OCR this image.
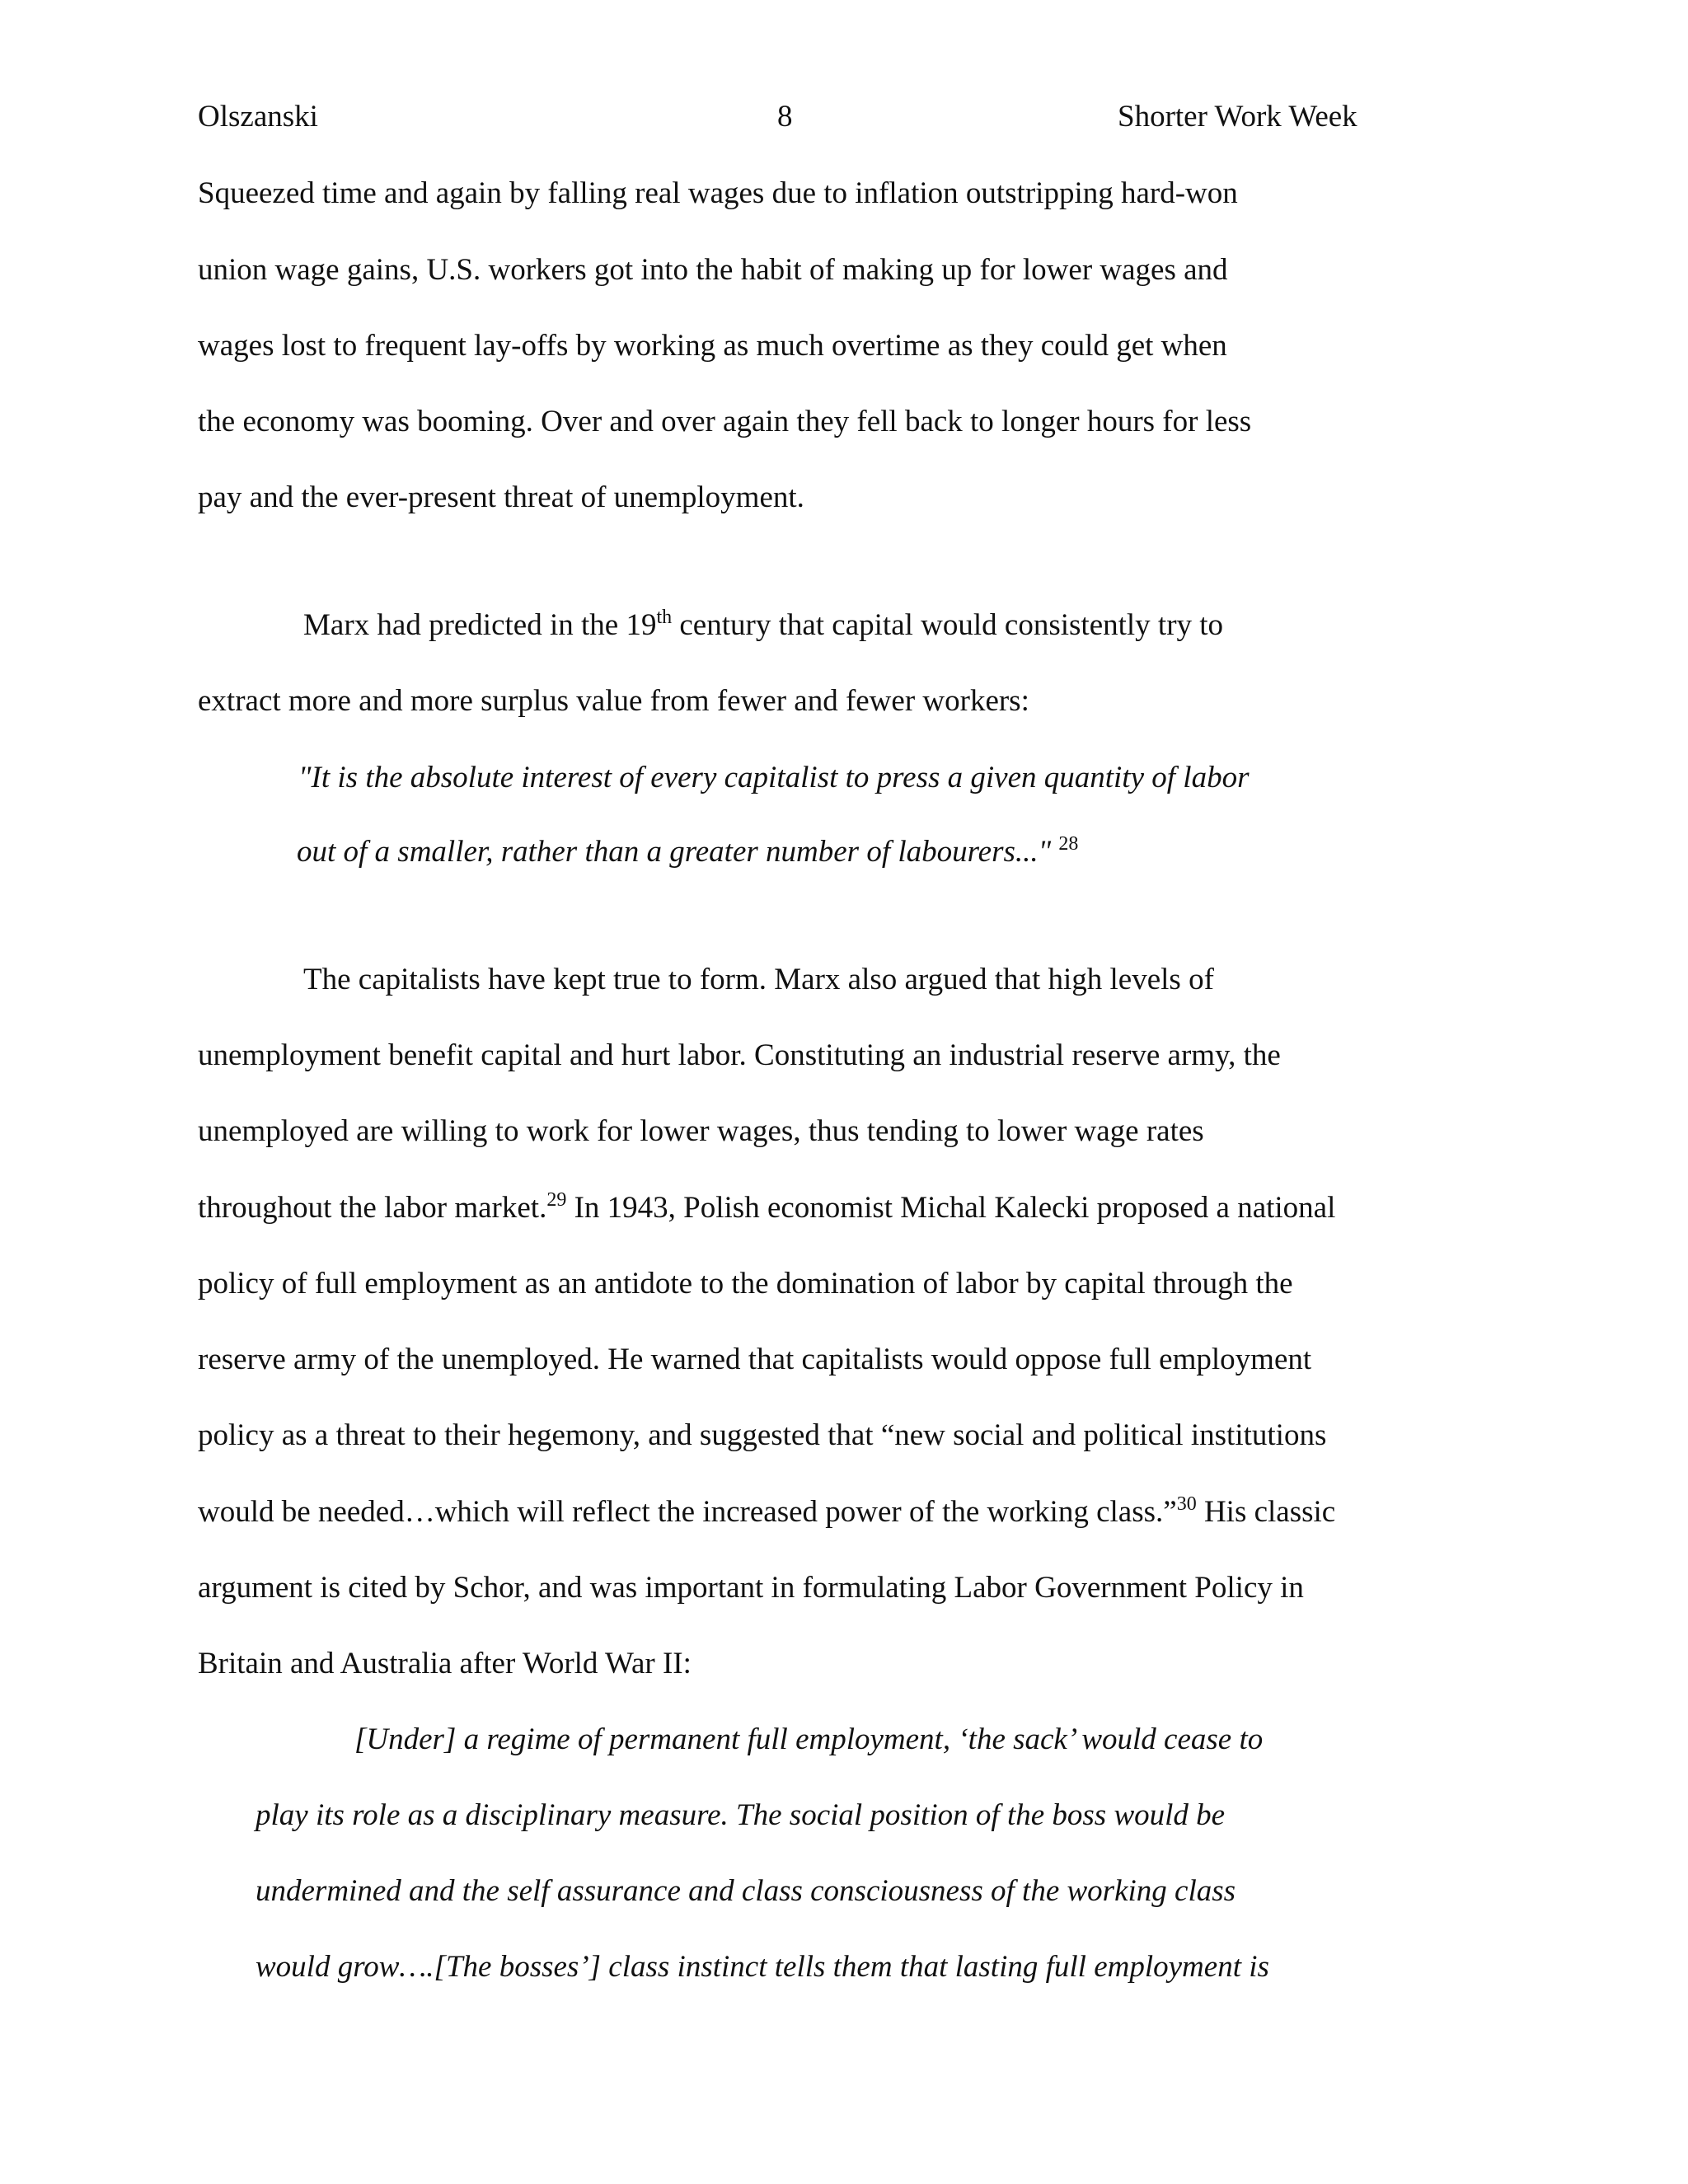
Olszanski	8	Shorter Work Week
Squeezed time and again by falling real wages due to inflation outstripping hard-won
union wage gains, U.S. workers got into the habit of making up for lower wages and
wages lost to frequent lay-offs by working as much overtime as they could get when
the economy was booming. Over and over again they fell back to longer hours for less
pay and the ever-present threat of unemployment.
Marx had predicted in the 19th century that capital would consistently try to
extract more and more surplus value from fewer and fewer workers:
"It is the absolute interest of every capitalist to press a given quantity of labor
out of a smaller, rather than a greater number of labourers..." $^{28}$
The capitalists have kept true to form. Marx also argued that high levels of
unemployment benefit capital and hurt labor. Constituting an industrial reserve army, the
unemployed are willing to work for lower wages, thus tending to lower wage rates
throughout the labor market.$^{29}$ In 1943, Polish economist Michal Kalecki proposed a national
policy of full employment as an antidote to the domination of labor by capital through the
reserve army of the unemployed. He warned that capitalists would oppose full employment
policy as a threat to their hegemony, and suggested that “new social and political institutions
would be needed…which will reflect the increased power of the working class.”$^{30}$ His classic
argument is cited by Schor, and was important in formulating Labor Government Policy in
Britain and Australia after World War II:
[Under] a regime of permanent full employment, ‘the sack’ would cease to
play its role as a disciplinary measure. The social position of the boss would be
undermined and the self assurance and class consciousness of the working class
would grow….[The bosses’] class instinct tells them that lasting full employment is
